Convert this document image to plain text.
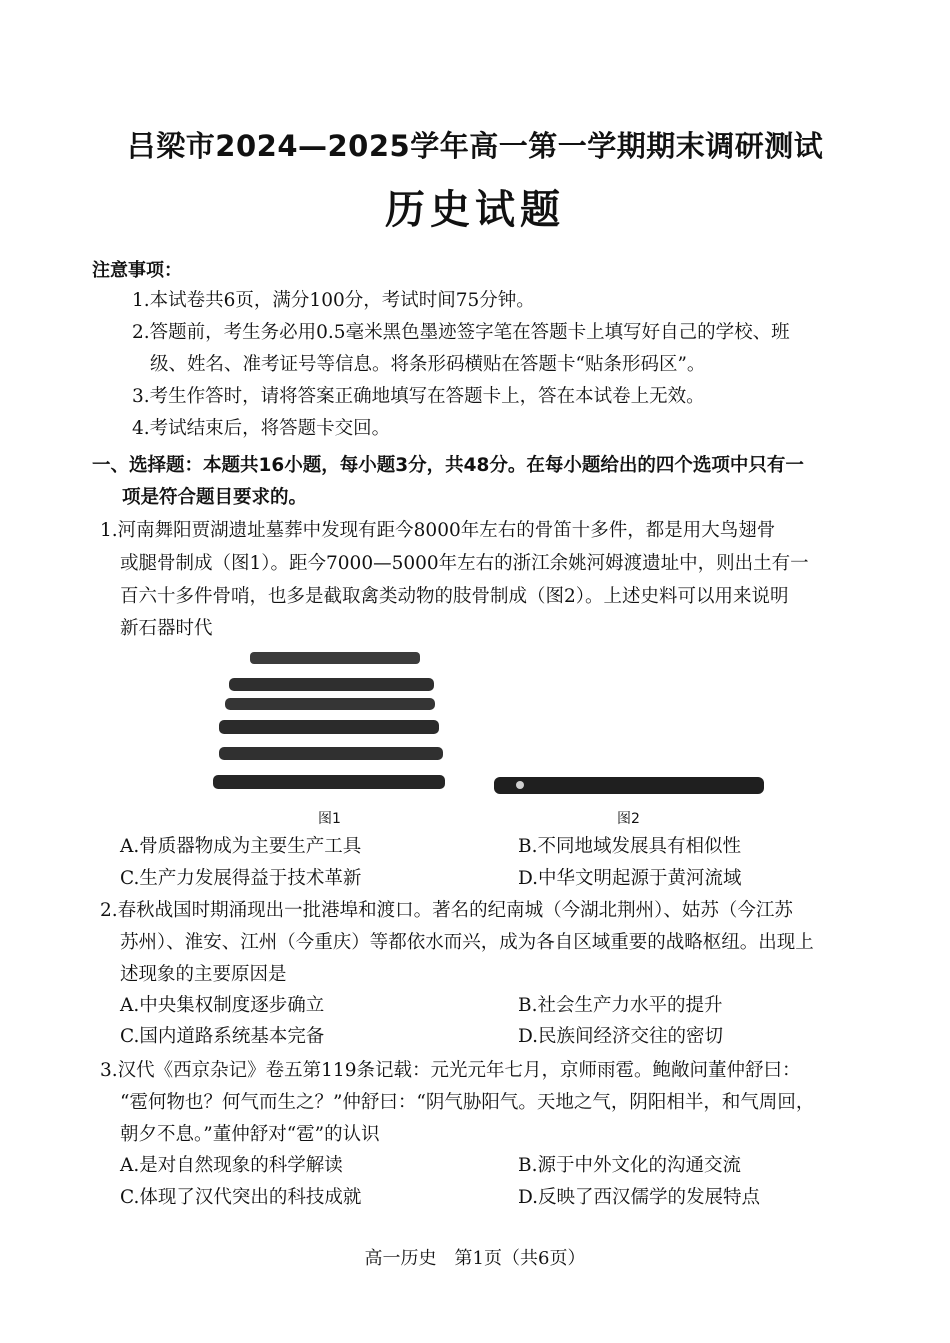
吕梁市2024—2025学年高一第一学期期末调研测试
历史试题
注意事项：
1.本试卷共6页，满分100分，考试时间75分钟。
2.答题前，考生务必用0.5毫米黑色墨迹签字笔在答题卡上填写好自己的学校、班
级、姓名、准考证号等信息。将条形码横贴在答题卡“贴条形码区”。
3.考生作答时，请将答案正确地填写在答题卡上，答在本试卷上无效。
4.考试结束后，将答题卡交回。
一、选择题：本题共16小题，每小题3分，共48分。在每小题给出的四个选项中只有一
项是符合题目要求的。
1.河南舞阳贾湖遗址墓葬中发现有距今8000年左右的骨笛十多件，都是用大鸟翅骨
或腿骨制成（图1）。距今7000—5000年左右的浙江余姚河姆渡遗址中，则出土有一
百六十多件骨哨，也多是截取禽类动物的肢骨制成（图2）。上述史料可以用来说明
新石器时代
图1	图2
A.骨质器物成为主要生产工具	B.不同地域发展具有相似性
C.生产力发展得益于技术革新	D.中华文明起源于黄河流域
2.春秋战国时期涌现出一批港埠和渡口。著名的纪南城（今湖北荆州）、姑苏（今江苏
苏州）、淮安、江州（今重庆）等都依水而兴，成为各自区域重要的战略枢纽。出现上
述现象的主要原因是
A.中央集权制度逐步确立	B.社会生产力水平的提升
C.国内道路系统基本完备	D.民族间经济交往的密切
3.汉代《西京杂记》卷五第119条记载：元光元年七月，京师雨雹。鲍敞问董仲舒曰：
“雹何物也？何气而生之？”仲舒曰：“阴气胁阳气。天地之气，阴阳相半，和气周回，
朝夕不息。”董仲舒对“雹”的认识
A.是对自然现象的科学解读	B.源于中外文化的沟通交流
C.体现了汉代突出的科技成就	D.反映了西汉儒学的发展特点
高一历史　第1页（共6页）
